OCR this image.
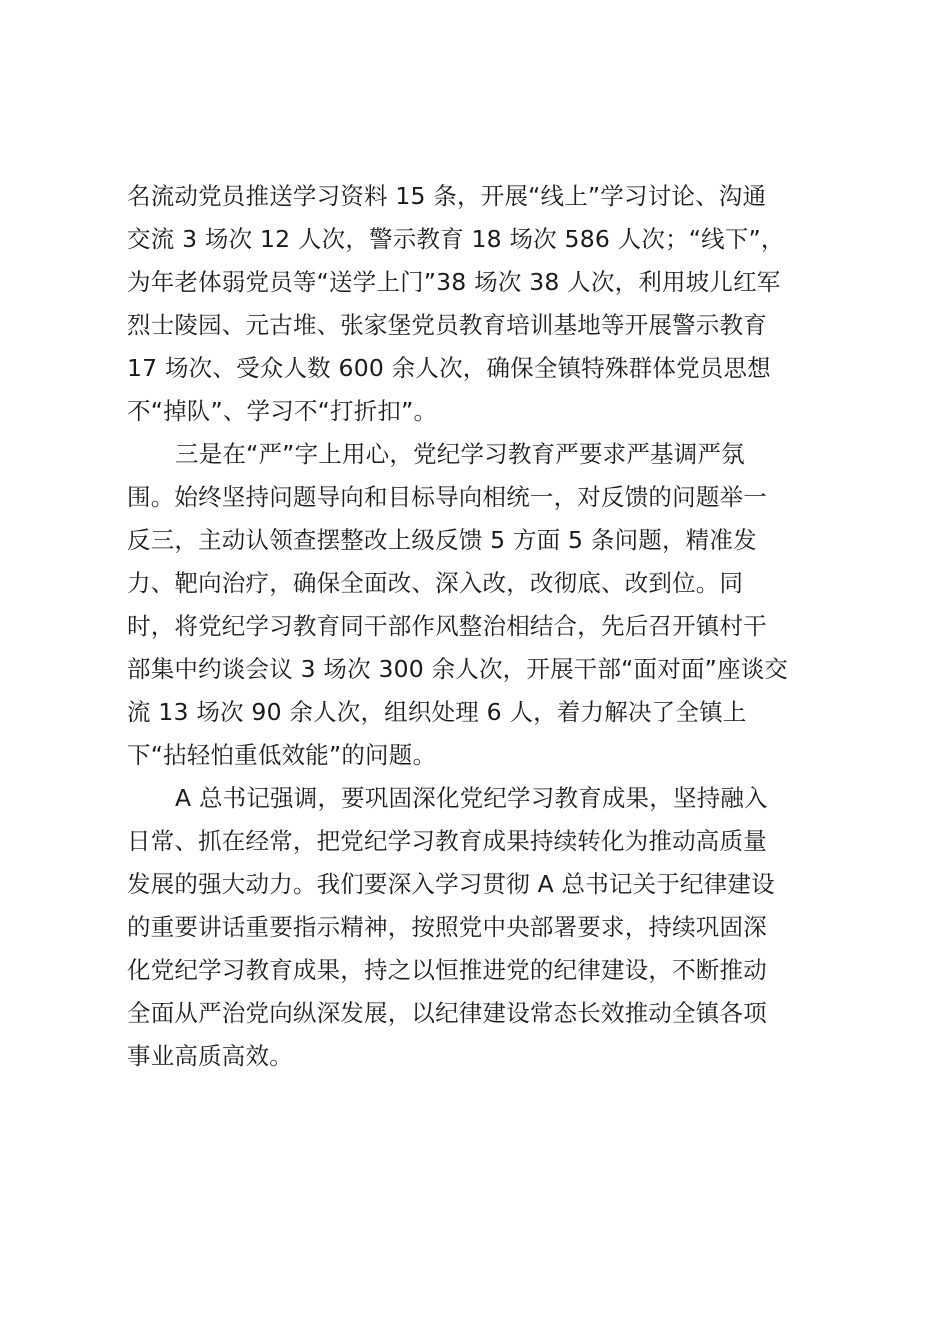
名流动党员推送学习资料 15 条，开展“线上”学习讨论、沟通
交流 3 场次 12 人次，警示教育 18 场次 586 人次；“线下”，
为年老体弱党员等“送学上门”38 场次 38 人次，利用坡儿红军
烈士陵园、元古堆、张家堡党员教育培训基地等开展警示教育
17 场次、受众人数 600 余人次，确保全镇特殊群体党员思想
不“掉队”、学习不“打折扣”。
三是在“严”字上用心，党纪学习教育严要求严基调严氛
围。始终坚持问题导向和目标导向相统一，对反馈的问题举一
反三，主动认领查摆整改上级反馈 5 方面 5 条问题，精准发
力、靶向治疗，确保全面改、深入改，改彻底、改到位。同
时，将党纪学习教育同干部作风整治相结合，先后召开镇村干
部集中约谈会议 3 场次 300 余人次，开展干部“面对面”座谈交
流 13 场次 90 余人次，组织处理 6 人，着力解决了全镇上
下“拈轻怕重低效能”的问题。
A 总书记强调，要巩固深化党纪学习教育成果，坚持融入
日常、抓在经常，把党纪学习教育成果持续转化为推动高质量
发展的强大动力。我们要深入学习贯彻 A 总书记关于纪律建设
的重要讲话重要指示精神，按照党中央部署要求，持续巩固深
化党纪学习教育成果，持之以恒推进党的纪律建设，不断推动
全面从严治党向纵深发展，以纪律建设常态长效推动全镇各项
事业高质高效。
